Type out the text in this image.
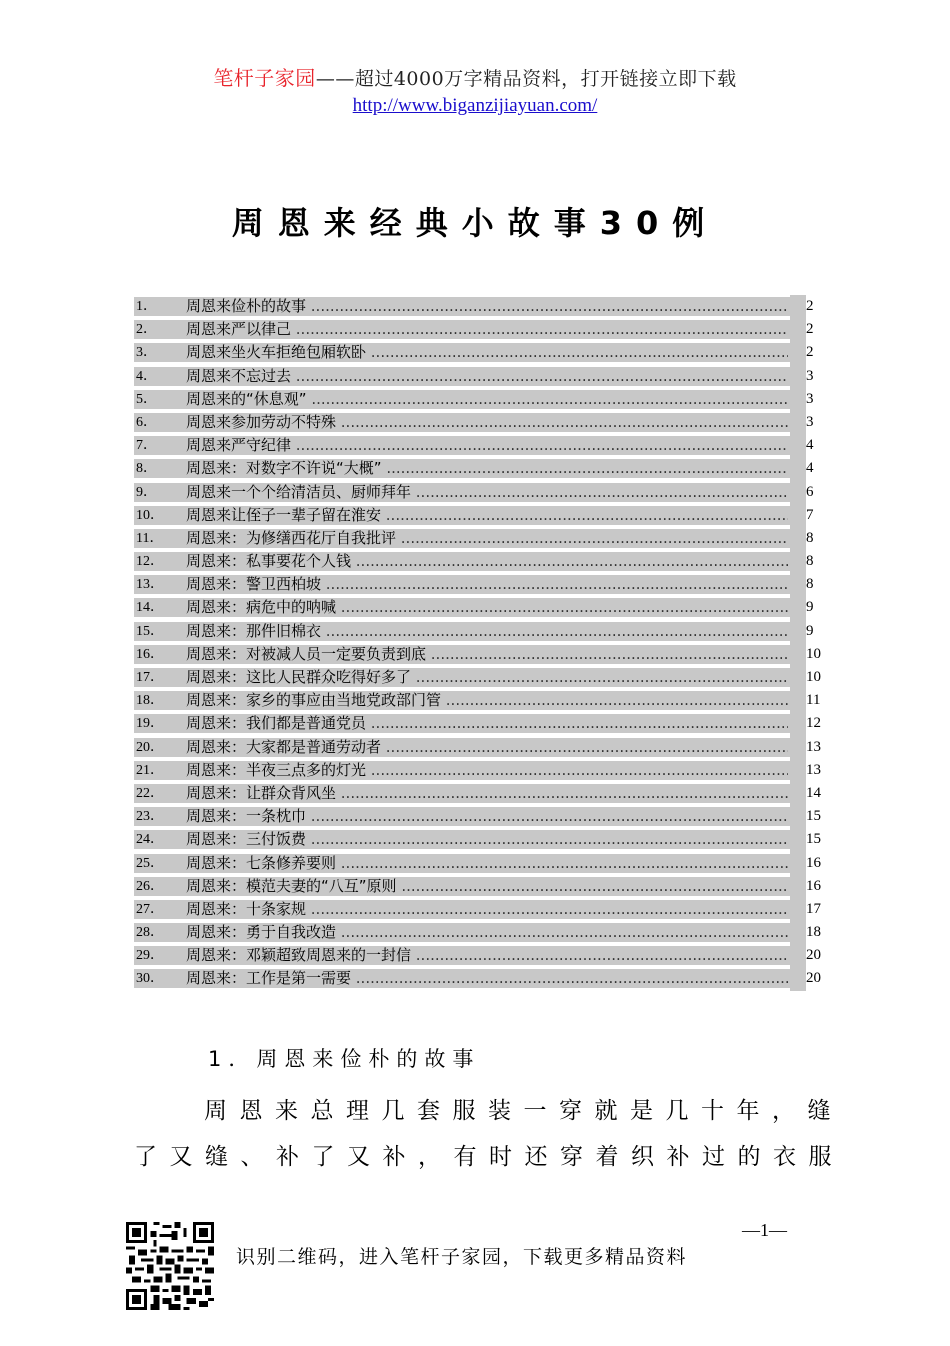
笔杆子家园——超过4000万字精品资料，打开链接立即下载
http://www.biganzijiayuan.com/
周恩来经典小故事30例
1． 周恩来俭朴的故事 .....	2
2． 周恩来严以律己 .....	2
3． 周恩来坐火车拒绝包厢软卧 .....	2
4． 周恩来不忘过去 .....	3
5． 周恩来的“休息观” .....	3
6． 周恩来参加劳动不特殊 .....	3
7． 周恩来严守纪律 .....	4
8． 周恩来：对数字不许说“大概” .....	4
9． 周恩来一个个给清洁员、厨师拜年 .....	6
10． 周恩来让侄子一辈子留在淮安 .....	7
11． 周恩来：为修缮西花厅自我批评 .....	8
12． 周恩来：私事要花个人钱 .....	8
13． 周恩来：警卫西柏坡 .....	8
14． 周恩来：病危中的呐喊 .....	9
15． 周恩来：那件旧棉衣 .....	9
16． 周恩来：对被减人员一定要负责到底 .....	10
17． 周恩来：这比人民群众吃得好多了 .....	10
18． 周恩来：家乡的事应由当地党政部门管 .....	11
19． 周恩来：我们都是普通党员 .....	12
20． 周恩来：大家都是普通劳动者 .....	13
21． 周恩来：半夜三点多的灯光 .....	13
22． 周恩来：让群众背风坐 .....	14
23． 周恩来：一条枕巾 .....	15
24． 周恩来：三付饭费 .....	15
25． 周恩来：七条修养要则 .....	16
26． 周恩来：模范夫妻的“八互”原则 .....	16
27． 周恩来：十条家规 .....	17
28． 周恩来：勇于自我改造 .....	18
29． 周恩来：邓颖超致周恩来的一封信 .....	20
30． 周恩来：工作是第一需要 .....	20
1．周恩来俭朴的故事
周恩来总理几套服装一穿就是几十年，缝
了又缝、补了又补，有时还穿着织补过的衣服
—1—
识别二维码，进入笔杆子家园，下载更多精品资料
